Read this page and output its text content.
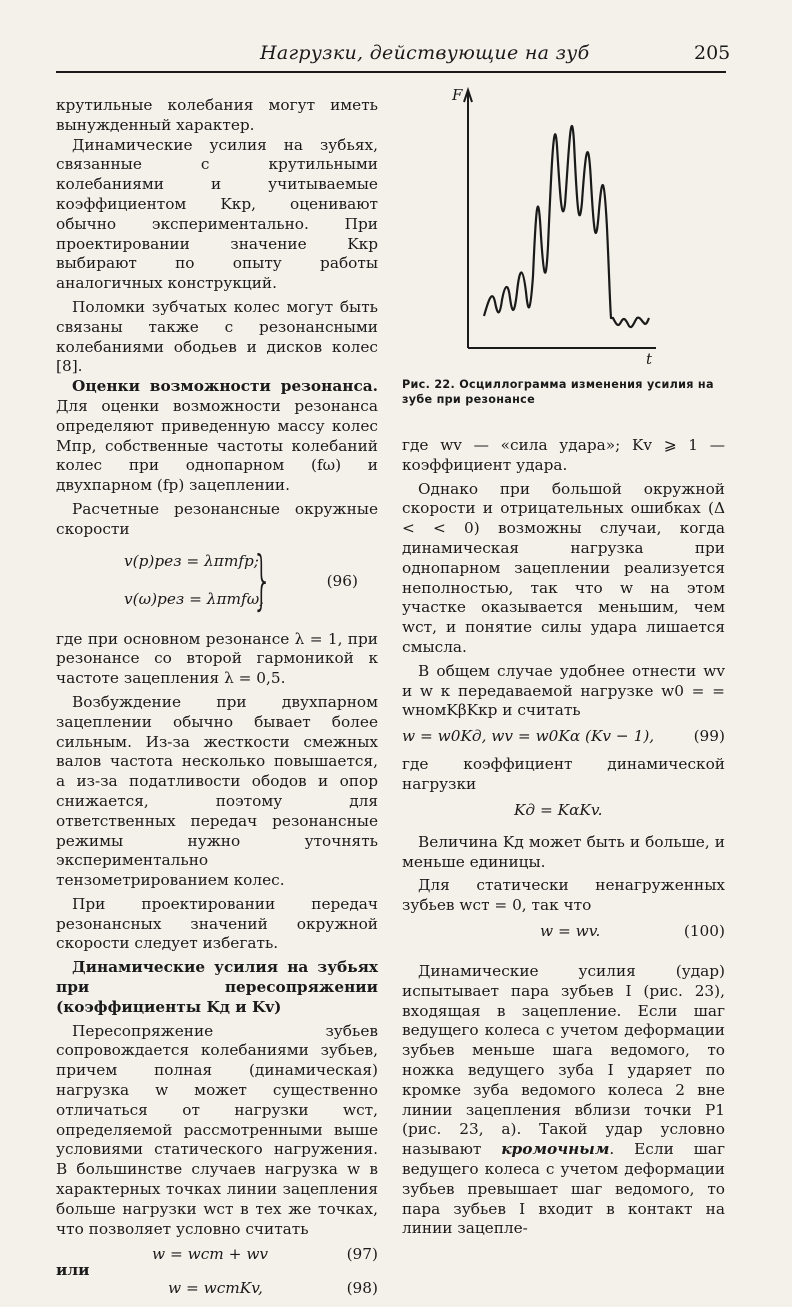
Нагрузки, действующие на зуб	205
F
t
Рис. 22. Осциллограмма изменения усилия на зубе при резонансе

крутильные колебания могут иметь вынужденный характер.

Динамические усилия на зубьях, связанные с крутильными колебаниями и учитываемые коэффициентом Kкр, оценивают обычно экспериментально. При проектировании значение Kкр выбирают по опыту работы аналогичных конструкций.

Поломки зубчатых колес могут быть связаны также с резонансными колебаниями ободьев и дисков колес [8].

Оценки возможности резонанса. Для оценки возможности резонанса определяют приведенную массу колес Mпр, собственные частоты колебаний колес при однопарном (fω) и двухпарном (fр) зацеплении.

Расчетные резонансные окружные скорости

v(p)рез = λπmfp;
v(ω)рез = λπmfω,
}	(96)

где при основном резонансе λ = 1, при резонансе со второй гармоникой к частоте зацепления λ = 0,5.

Возбуждение при двухпарном зацеплении обычно бывает более сильным. Из-за жесткости смежных валов частота несколько повышается, а из-за податливости ободов и опор снижается, поэтому для ответственных передач резонансные режимы нужно уточнять экспериментально тензометрированием колес.

При проектировании передач резонансных значений окружной скорости следует избегать.

Динамические усилия на зубьях при пересопряжении (коэффициенты Kд и Kv)

Пересопряжение зубьев сопровождается колебаниями зубьев, причем полная (динамическая) нагрузка w может существенно отличаться от нагрузки wст, определяемой рассмотренными выше условиями статического нагружения. В большинстве случаев нагрузка w в характерных точках линии зацепления больше нагрузки wст в тех же точках, что позволяет условно считать

w = wст + wv	(97)

или

w = wстKv,	(98)

где wv — «сила удара»; Kv ⩾ 1 — коэффициент удара.

Однако при большой окружной скорости и отрицательных ошибках (Δ < < 0) возможны случаи, когда динамическая нагрузка при однопарном зацеплении реализуется неполностью, так что w на этом участке оказывается меньшим, чем wст, и понятие силы удара лишается смысла.

В общем случае удобнее отнести wv и w к передаваемой нагрузке w0 = = wномKβKкр и считать

w = w0Kд, wv = w0Kα (Kv − 1),	(99)

где коэффициент динамической нагрузки

Kд = KαKv.

Величина Kд может быть и больше, и меньше единицы.

Для статически ненагруженных зубьев wст = 0, так что

w = wv.	(100)

Динамические усилия (удар) испытывает пара зубьев I (рис. 23), входящая в зацепление. Если шаг ведущего колеса с учетом деформации зубьев меньше шага ведомого, то ножка ведущего зуба I ударяет по кромке зуба ведомого колеса 2 вне линии зацепления вблизи точки P1 (рис. 23, а). Такой удар условно называют кромочным. Если шаг ведущего колеса с учетом деформации зубьев превышает шаг ведомого, то пара зубьев I входит в контакт на линии зацепле-
